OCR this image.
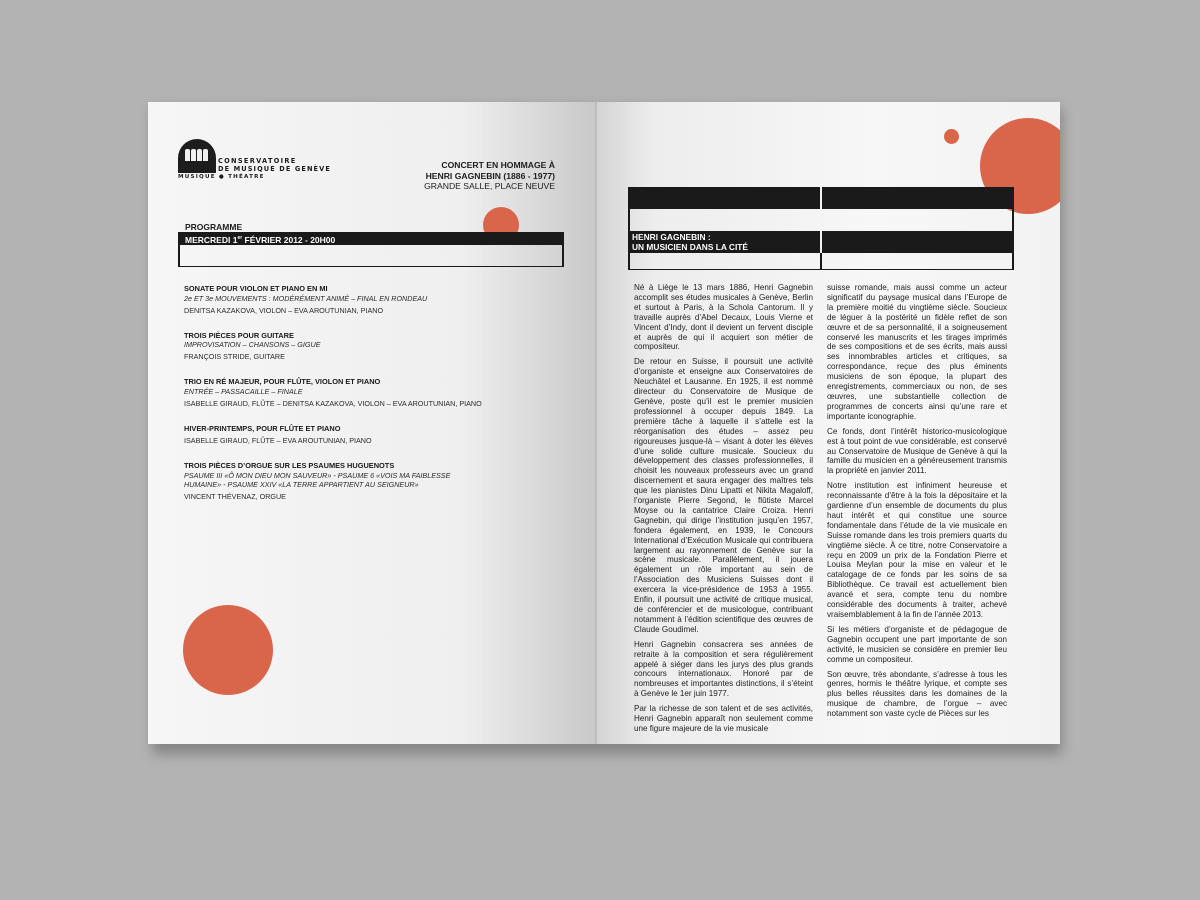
CONSERVATOIRE
DE MUSIQUE DE GENÈVE
MUSIQUE ● THÉATRE
CONCERT EN HOMMAGE À
HENRI GAGNEBIN (1886 - 1977)
GRANDE SALLE, PLACE NEUVE
PROGRAMME
MERCREDI 1er FÉVRIER 2012 - 20H00
SONATE POUR VIOLON ET PIANO EN MI
2e ET 3e MOUVEMENTS : MODÉRÉMENT ANIMÉ – FINAL EN RONDEAU
DENITSA KAZAKOVA, VIOLON – EVA AROUTUNIAN, PIANO
TROIS PIÈCES POUR GUITARE
IMPROVISATION – CHANSONS – GIGUE
FRANÇOIS STRIDE, GUITARE
TRIO EN RÉ MAJEUR, POUR FLÛTE, VIOLON ET PIANO
ENTRÉE – PASSACAILLE – FINALE
ISABELLE GIRAUD, FLÛTE – DENITSA KAZAKOVA, VIOLON – EVA AROUTUNIAN, PIANO
HIVER-PRINTEMPS, POUR FLÛTE ET PIANO
ISABELLE GIRAUD, FLÛTE – EVA AROUTUNIAN, PIANO
TROIS PIÈCES D’ORGUE SUR LES PSAUMES HUGUENOTS
PSAUME III «Ô MON DIEU MON SAUVEUR» - PSAUME 6 «VOIS MA FAIBLESSE HUMAINE» - PSAUME XXIV «LA TERRE APPARTIENT AU SEIGNEUR»
VINCENT THÉVENAZ, ORGUE
HENRI GAGNEBIN :
UN MUSICIEN DANS LA CITÉ

Né à Liège le 13 mars 1886, Henri Gagnebin accomplit ses études musicales à Genève, Berlin et surtout à Paris, à la Schola Cantorum. Il y travaille auprès d’Abel Decaux, Louis Vierne et Vincent d’Indy, dont il devient un fervent disciple et auprès de qui il acquiert son métier de compositeur.

De retour en Suisse, il poursuit une activité d’organiste et enseigne aux Conservatoires de Neuchâtel et Lausanne. En 1925, il est nommé directeur du Conservatoire de Musique de Genève, poste qu’il est le premier musicien professionnel à occuper depuis 1849. La première tâche à laquelle il s’attelle est la réorganisation des études – assez peu rigoureuses jusque-là – visant à doter les élèves d’une solide culture musicale. Soucieux du développement des classes professionnelles, il choisit les nouveaux professeurs avec un grand discernement et saura engager des maîtres tels que les pianistes Dinu Lipatti et Nikita Magaloff, l’organiste Pierre Segond, le flûtiste Marcel Moyse ou la cantatrice Claire Croiza. Henri Gagnebin, qui dirige l’institution jusqu’en 1957, fondera également, en 1939, le Concours International d’Exécution Musicale qui contribuera largement au rayonnement de Genève sur la scène musicale. Parallèlement, il jouera également un rôle important au sein de l’Association des Musiciens Suisses dont il exercera la vice-présidence de 1953 à 1955. Enfin, il poursuit une activité de critique musical, de conférencier et de musicologue, contribuant notamment à l’édition scientifique des œuvres de Claude Goudimel.

Henri Gagnebin consacrera ses années de retraite à la composition et sera régulièrement appelé à siéger dans les jurys des plus grands concours internationaux. Honoré par de nombreuses et importantes distinctions, il s’éteint à Genève le 1er juin 1977.

Par la richesse de son talent et de ses activités, Henri Gagnebin apparaît non seulement comme une figure majeure de la vie musicale

suisse romande, mais aussi comme un acteur significatif du paysage musical dans l’Europe de la première moitié du vingtième siècle. Soucieux de léguer à la postérité un fidèle reflet de son œuvre et de sa personnalité, il a soigneusement conservé les manuscrits et les tirages imprimés de ses compositions et de ses écrits, mais aussi ses innombrables articles et critiques, sa correspondance, reçue des plus éminents musiciens de son époque, la plupart des enregistrements, commerciaux ou non, de ses œuvres, une substantielle collection de programmes de concerts ainsi qu’une rare et importante iconographie.

Ce fonds, dont l’intérêt historico-musicologique est à tout point de vue considérable, est conservé au Conservatoire de Musique de Genève à qui la famille du musicien en a généreusement transmis la propriété en janvier 2011.

Notre institution est infiniment heureuse et reconnaissante d’être à la fois la dépositaire et la gardienne d’un ensemble de documents du plus haut intérêt et qui constitue une source fondamentale dans l’étude de la vie musicale en Suisse romande dans les trois premiers quarts du vingtième siècle. À ce titre, notre Conservatoire a reçu en 2009 un prix de la Fondation Pierre et Louisa Meylan pour la mise en valeur et le catalogage de ce fonds par les soins de sa Bibliothèque. Ce travail est actuellement bien avancé et sera, compte tenu du nombre considérable des documents à traiter, achevé vraisemblablement à la fin de l’année 2013.

Si les métiers d’organiste et de pédagogue de Gagnebin occupent une part importante de son activité, le musicien se considère en premier lieu comme un compositeur.

Son œuvre, très abondante, s’adresse à tous les genres, hormis le théâtre lyrique, et compte ses plus belles réussites dans les domaines de la musique de chambre, de l’orgue – avec notamment son vaste cycle de Pièces sur les
